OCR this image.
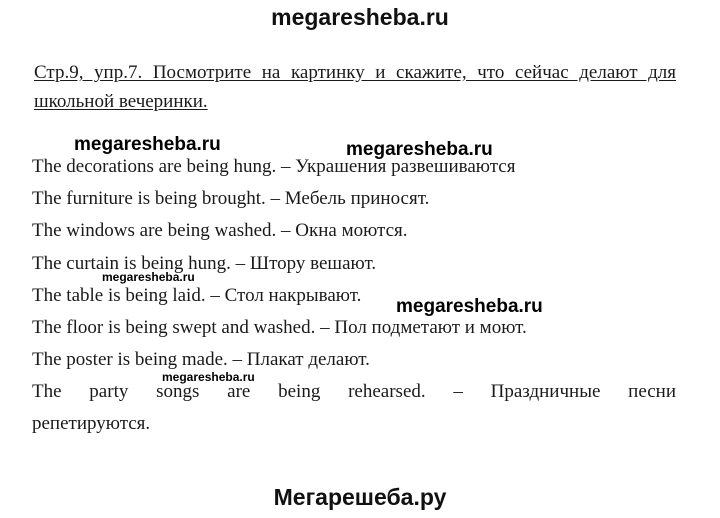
megaresheba.ru
Стр.9, упр.7. Посмотрите на картинку и скажите, что сейчас делают для школьной вечеринки.
The decorations are being hung. – Украшения развешиваются
The furniture is being brought. – Мебель приносят.
The windows are being washed. – Окна моются.
The curtain is being hung. – Штору вешают.
The table is being laid. – Стол накрывают.
The floor is being swept and washed. – Пол подметают и моют.
The poster is being made. – Плакат делают.
The party songs are being rehearsed. – Праздничные песни
репетируются.
megaresheba.ru	megaresheba.ru
megaresheba.ru
megaresheba.ru
megaresheba.ru
Мегарешеба.ру
